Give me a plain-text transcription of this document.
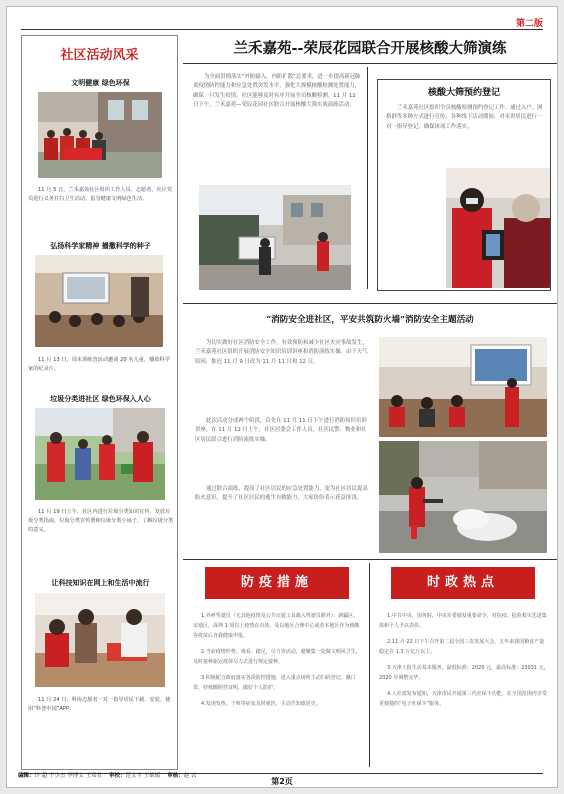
第二版
社区活动风采
文明健康 绿色环保
11 月 5 日，兰禾嘉苑社区组织工作人员、志愿者、社区党员进行义务打扫卫生活动，倡导健康文明绿色生活。
弘扬科学家精神 播撒科学的种子
11 月 13 日，周末训练营活动邀请 20 名儿童，播放科学家的纪录片。
垃圾分类进社区 绿色环保入人心
11 月 19 日上午，社区内进行垃圾分类知识宣传，发放垃圾分类指南，垃圾分类宣传册和垃圾分类小扇子，了解垃圾分类的意义。
让科技知识在网上和生活中流行
11 月 24 日，科协志愿者一对一指导居民下载、安装、使用“科普中国”APP。
兰禾嘉苑--荣辰花园联合开展核酸大筛演练
为全面贯彻落实“外防输入、内防扩散”总要求，进一步提高新冠肺炎疫情防控能力和应急处置突发水平，强化大规模核酸检测处置能力，确保一旦发生疫情，社区能够及时有序开展全员核酸检测。11 月 12 日下午，兰禾嘉苑—荣辰花园社区联合开展核酸大筛实战演练活动。
核酸大筛预约登记
兰禾嘉苑社区组织全员核酸检测预约登记工作。通过入户、网格群等多种方式进行宣传，各种线下活动期间，对未讲居民进行一对一指导登记，确保该项工作落实。
“消防安全进社区，平安共筑防火墙”消防安全主题活动
为切实做好社区消防安全工作，有效预防和减少社区火灾事故发生，兰禾嘉苑社区组织开展消防安全知识培训讲座和消防演练实操。由于天气原因，推迟 11 月 9 日改为 11 月 11 日和 12 日。
此次活动分成两个阶段，首先在 11 月 11 日下午进行消防知识培训讲座。在 11 月 12 日上午，社区居委会工作人员、社区民警、物业和社区居民联合进行消防演练实操。
通过联合演练，提高了社区居民的应急处置能力，更为社区居民提高防火意识，提升了社区居民的逃生自救能力，大家纷纷表示获益匪浅。
防疫措施

1.外呼驾驶员（无其他疫情及公共交通工具载入驾驶员除外）：新疆区、宋通区、深圳 1 周以上疫情在有效，及以地区合理中心或者本地区作为核酸等疫苗后自我健康申报。

2.当前疫情形势、观看、踏足，尽力等活动，避聚集一处做文明风卫生，及时接种新冠疫苗尽力去进行规定接种。

3.积极配合政府落实各项防控措施，进入重点场所主动扫码登记、戴口罩，持核酸阴性证明，做好个人防护。

4.发现发热、干咳等症状及时就医，主动告知旅居史。

时政热点

1.中共中央、国务院、中央军委颁发重要命令，对抗疫、抢险救灾先进集体和个人予以表彰。

2.11 月 22 日下午召开第二届全国三农发展大会，五年来我国粮食产量稳定在 1.3 万亿斤以上。

3.天津上报生活基本服务，最低标准：2020 元，最高标准：23031 元，2020 年调整完毕。

4.人社部发布通知，天津市民开通第三代社保卡功能，在全国范围内享受更便捷的“电子社保卡”服务。

编辑：许 超 于少杰 李博文 王邓君 审校：范文平 王维媛 审核：赵 云
第2页
